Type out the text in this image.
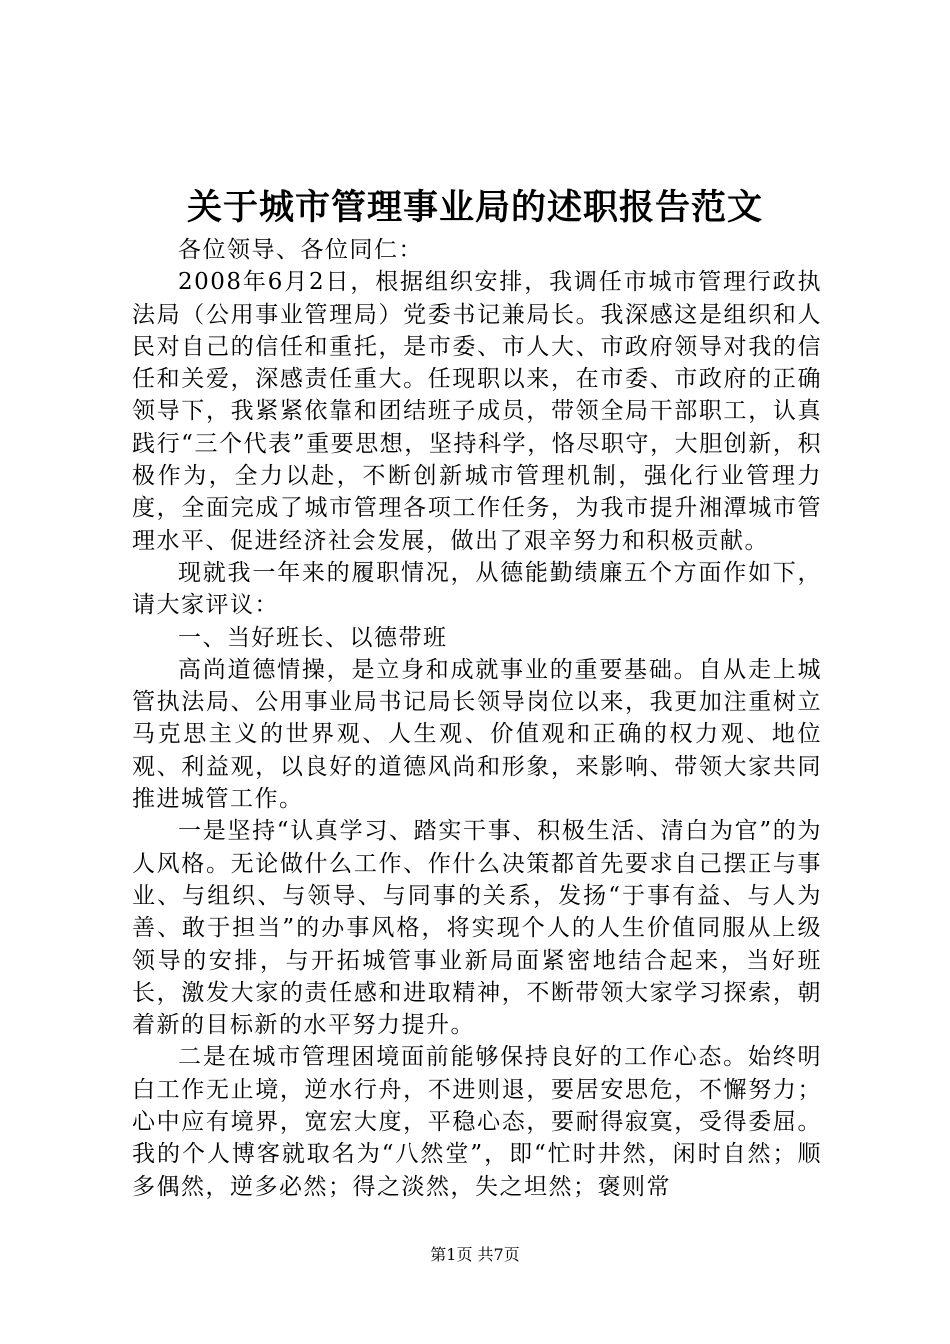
关于城市管理事业局的述职报告范文

各位领导、各位同仁：

2008年6月2日，根据组织安排，我调任市城市管理行政执法局（公用事业管理局）党委书记兼局长。我深感这是组织和人民对自己的信任和重托，是市委、市人大、市政府领导对我的信任和关爱，深感责任重大。任现职以来，在市委、市政府的正确领导下，我紧紧依靠和团结班子成员，带领全局干部职工，认真践行“三个代表”重要思想，坚持科学，恪尽职守，大胆创新，积极作为，全力以赴，不断创新城市管理机制，强化行业管理力度，全面完成了城市管理各项工作任务，为我市提升湘潭城市管理水平、促进经济社会发展，做出了艰辛努力和积极贡献。

现就我一年来的履职情况，从德能勤绩廉五个方面作如下，请大家评议：

一、当好班长、以德带班

高尚道德情操，是立身和成就事业的重要基础。自从走上城管执法局、公用事业局书记局长领导岗位以来，我更加注重树立马克思主义的世界观、人生观、价值观和正确的权力观、地位观、利益观，以良好的道德风尚和形象，来影响、带领大家共同推进城管工作。

一是坚持“认真学习、踏实干事、积极生活、清白为官”的为人风格。无论做什么工作、作什么决策都首先要求自己摆正与事业、与组织、与领导、与同事的关系，发扬“于事有益、与人为善、敢于担当”的办事风格，将实现个人的人生价值同服从上级领导的安排，与开拓城管事业新局面紧密地结合起来，当好班长，激发大家的责任感和进取精神，不断带领大家学习探索，朝着新的目标新的水平努力提升。

二是在城市管理困境面前能够保持良好的工作心态。始终明白工作无止境，逆水行舟，不进则退，要居安思危，不懈努力；心中应有境界，宽宏大度，平稳心态，要耐得寂寞，受得委屈。我的个人博客就取名为“八然堂”，即“忙时井然，闲时自然；顺多偶然，逆多必然；得之淡然，失之坦然；褒则常

第1页 共7页
